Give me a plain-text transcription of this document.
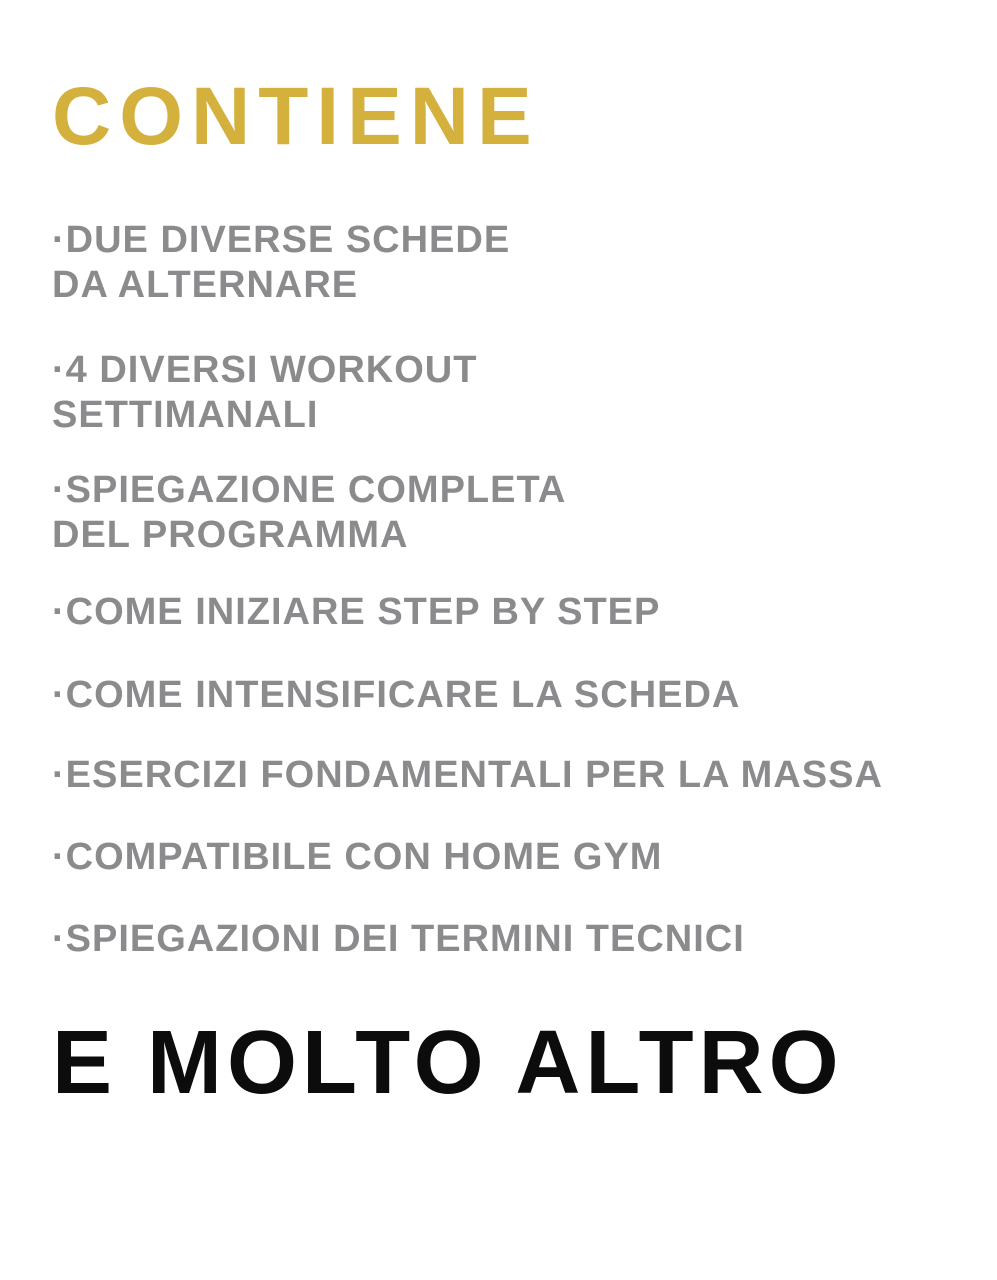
CONTIENE
·DUE DIVERSE SCHEDE
DA ALTERNARE
·4 DIVERSI WORKOUT
SETTIMANALI
·SPIEGAZIONE COMPLETA
DEL PROGRAMMA
·COME INIZIARE STEP BY STEP
·COME INTENSIFICARE LA SCHEDA
·ESERCIZI FONDAMENTALI PER LA MASSA
·COMPATIBILE CON HOME GYM
·SPIEGAZIONI DEI TERMINI TECNICI
E MOLTO ALTRO
